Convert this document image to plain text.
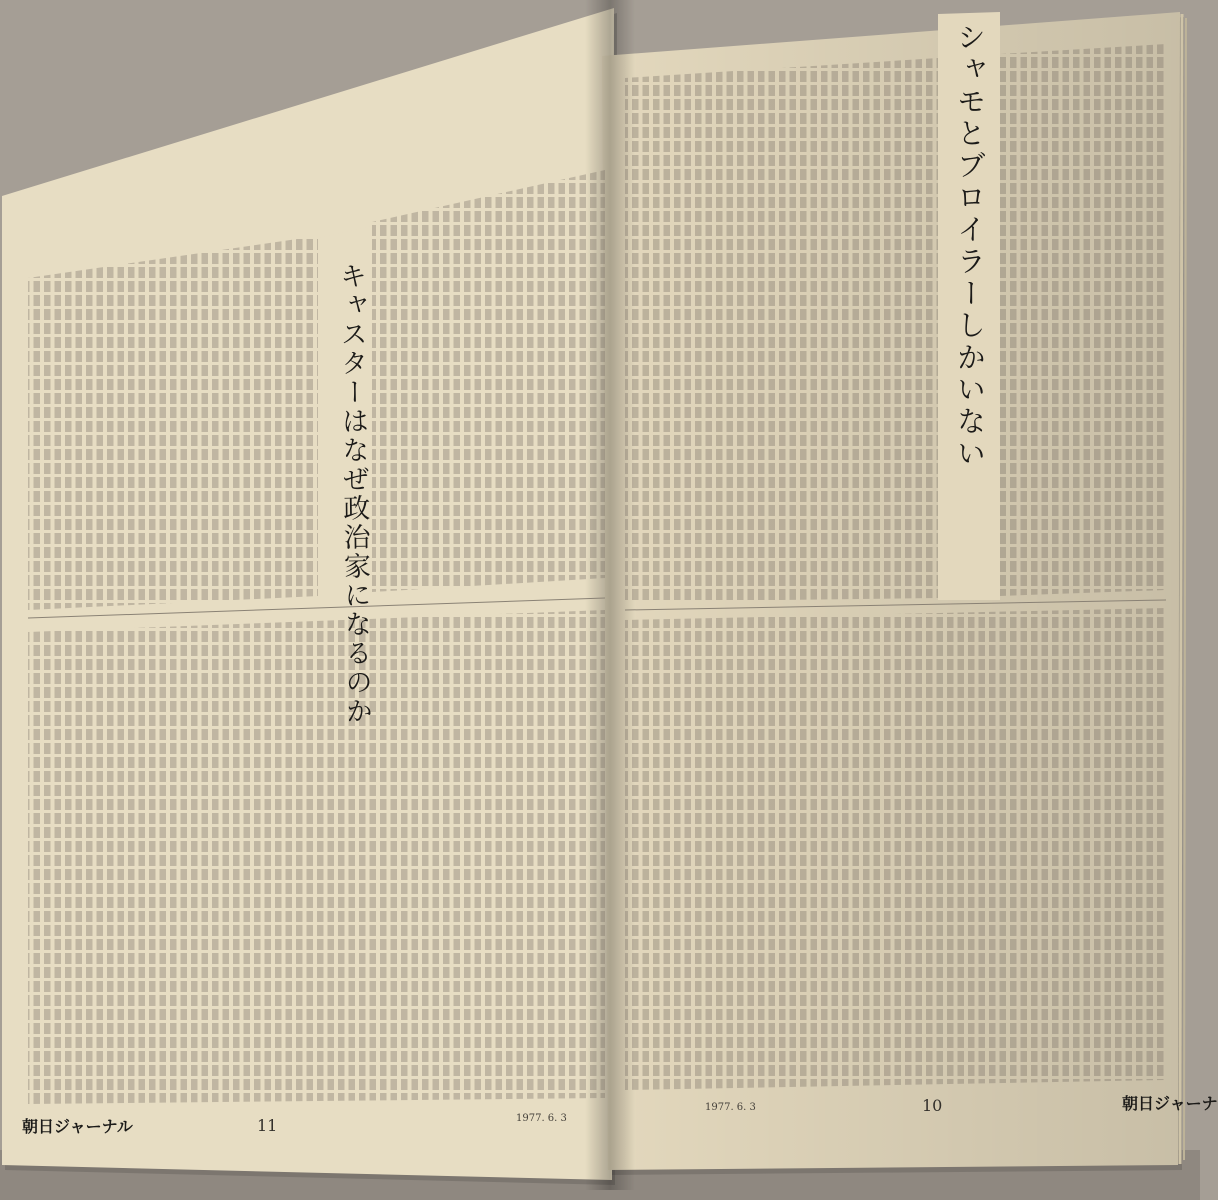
シャモとブロイラーしかいない
キャスターはなぜ政治家になるのか
朝日ジャーナル	11	1977. 6. 3
1977. 6. 3	10	朝日ジャーナ
